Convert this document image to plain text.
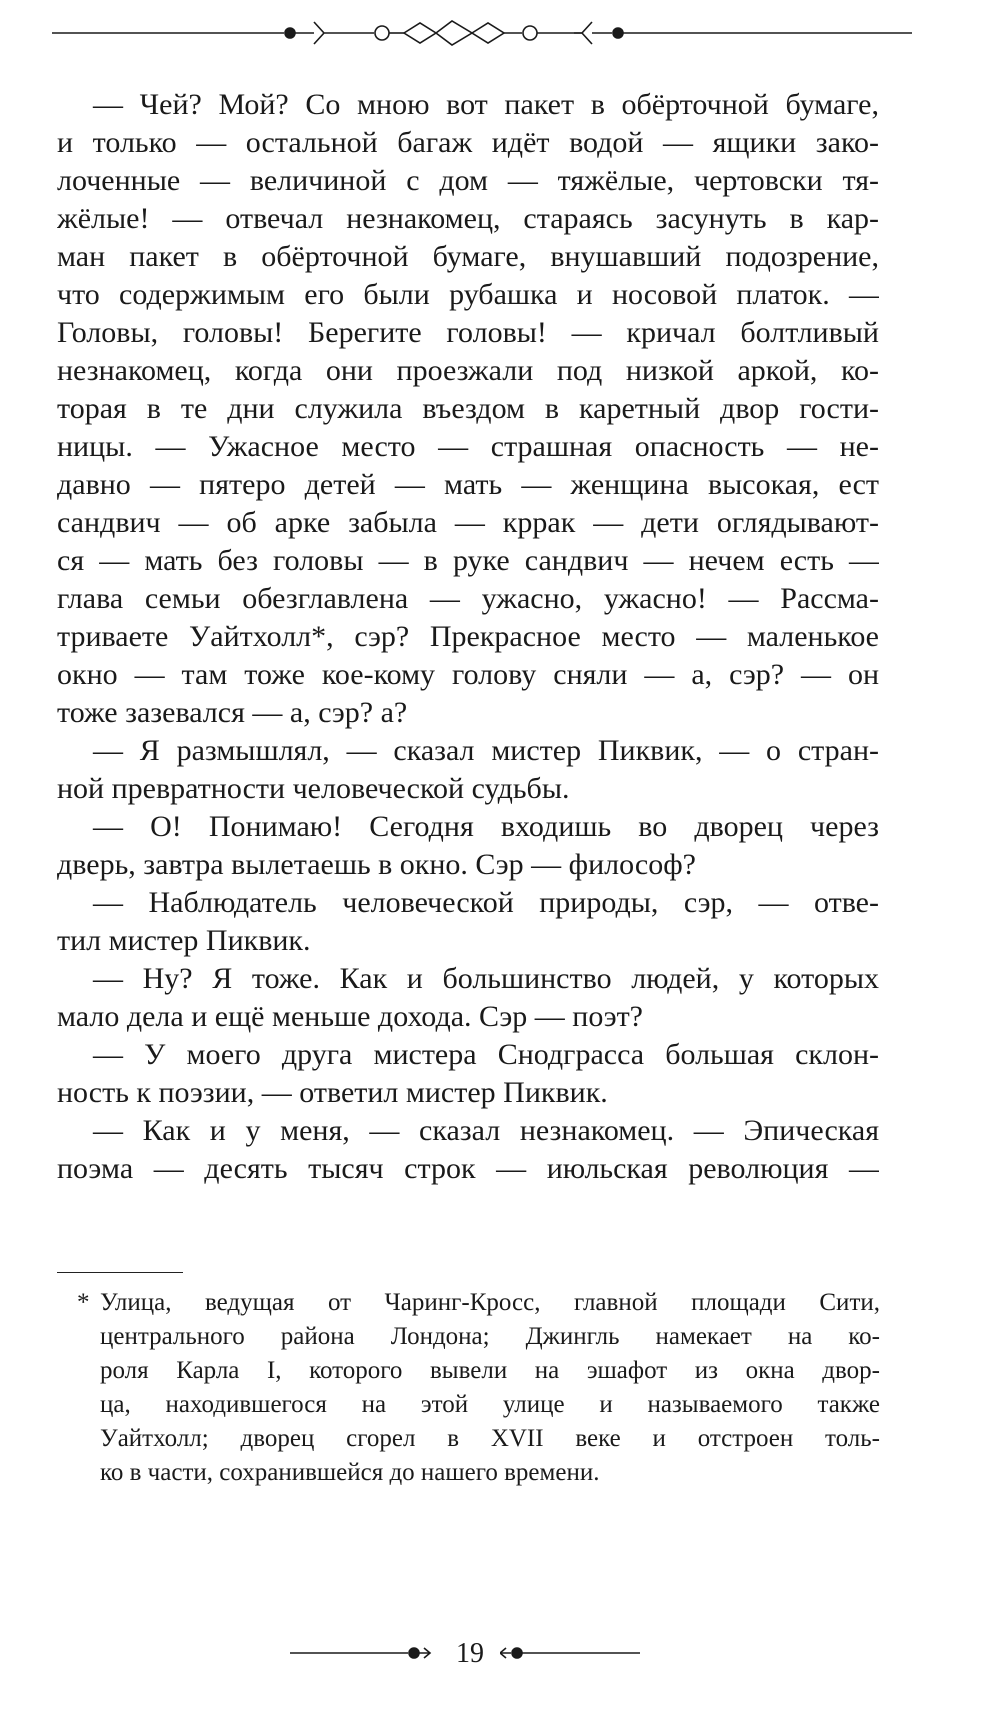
— Чей? Мой? Со мною вот пакет в обёрточной бумаге,
и только — остальной багаж идёт водой — ящики зако-
лоченные — величиной с дом — тяжёлые, чертовски тя-
жёлые! — отвечал незнакомец, стараясь засунуть в кар-
ман пакет в обёрточной бумаге, внушавший подозрение,
что содержимым его были рубашка и носовой платок. —
Головы, головы! Берегите головы! — кричал болтливый
незнакомец, когда они проезжали под низкой аркой, ко-
торая в те дни служила въездом в каретный двор гости-
ницы. — Ужасное место — страшная опасность — не-
давно — пятеро детей — мать — женщина высокая, ест
сандвич — об арке забыла — кррак — дети оглядывают-
ся — мать без головы — в руке сандвич — нечем есть —
глава семьи обезглавлена — ужасно, ужасно! — Рассма-
триваете Уайтхолл*, сэр? Прекрасное место — маленькое
окно — там тоже кое-кому голову сняли — а, сэр? — он
тоже зазевался — а, сэр? а?
— Я размышлял, — сказал мистер Пиквик, — о стран-
ной превратности человеческой судьбы.
— О! Понимаю! Сегодня входишь во дворец через
дверь, завтра вылетаешь в окно. Сэр — философ?
— Наблюдатель человеческой природы, сэр, — отве-
тил мистер Пиквик.
— Ну? Я тоже. Как и большинство людей, у которых
мало дела и ещё меньше дохода. Сэр — поэт?
— У моего друга мистера Снодграсса большая склон-
ность к поэзии, — ответил мистер Пиквик.
— Как и у меня, — сказал незнакомец. — Эпическая
поэма — десять тысяч строк — июльская революция —
* Улица, ведущая от Чаринг-Кросс, главной площади Сити,
центрального района Лондона; Джингль намекает на ко-
роля Карла I, которого вывели на эшафот из окна двор-
ца, находившегося на этой улице и называемого также
Уайтхолл; дворец сгорел в XVII веке и отстроен толь-
ко в части, сохранившейся до нашего времени.
19
